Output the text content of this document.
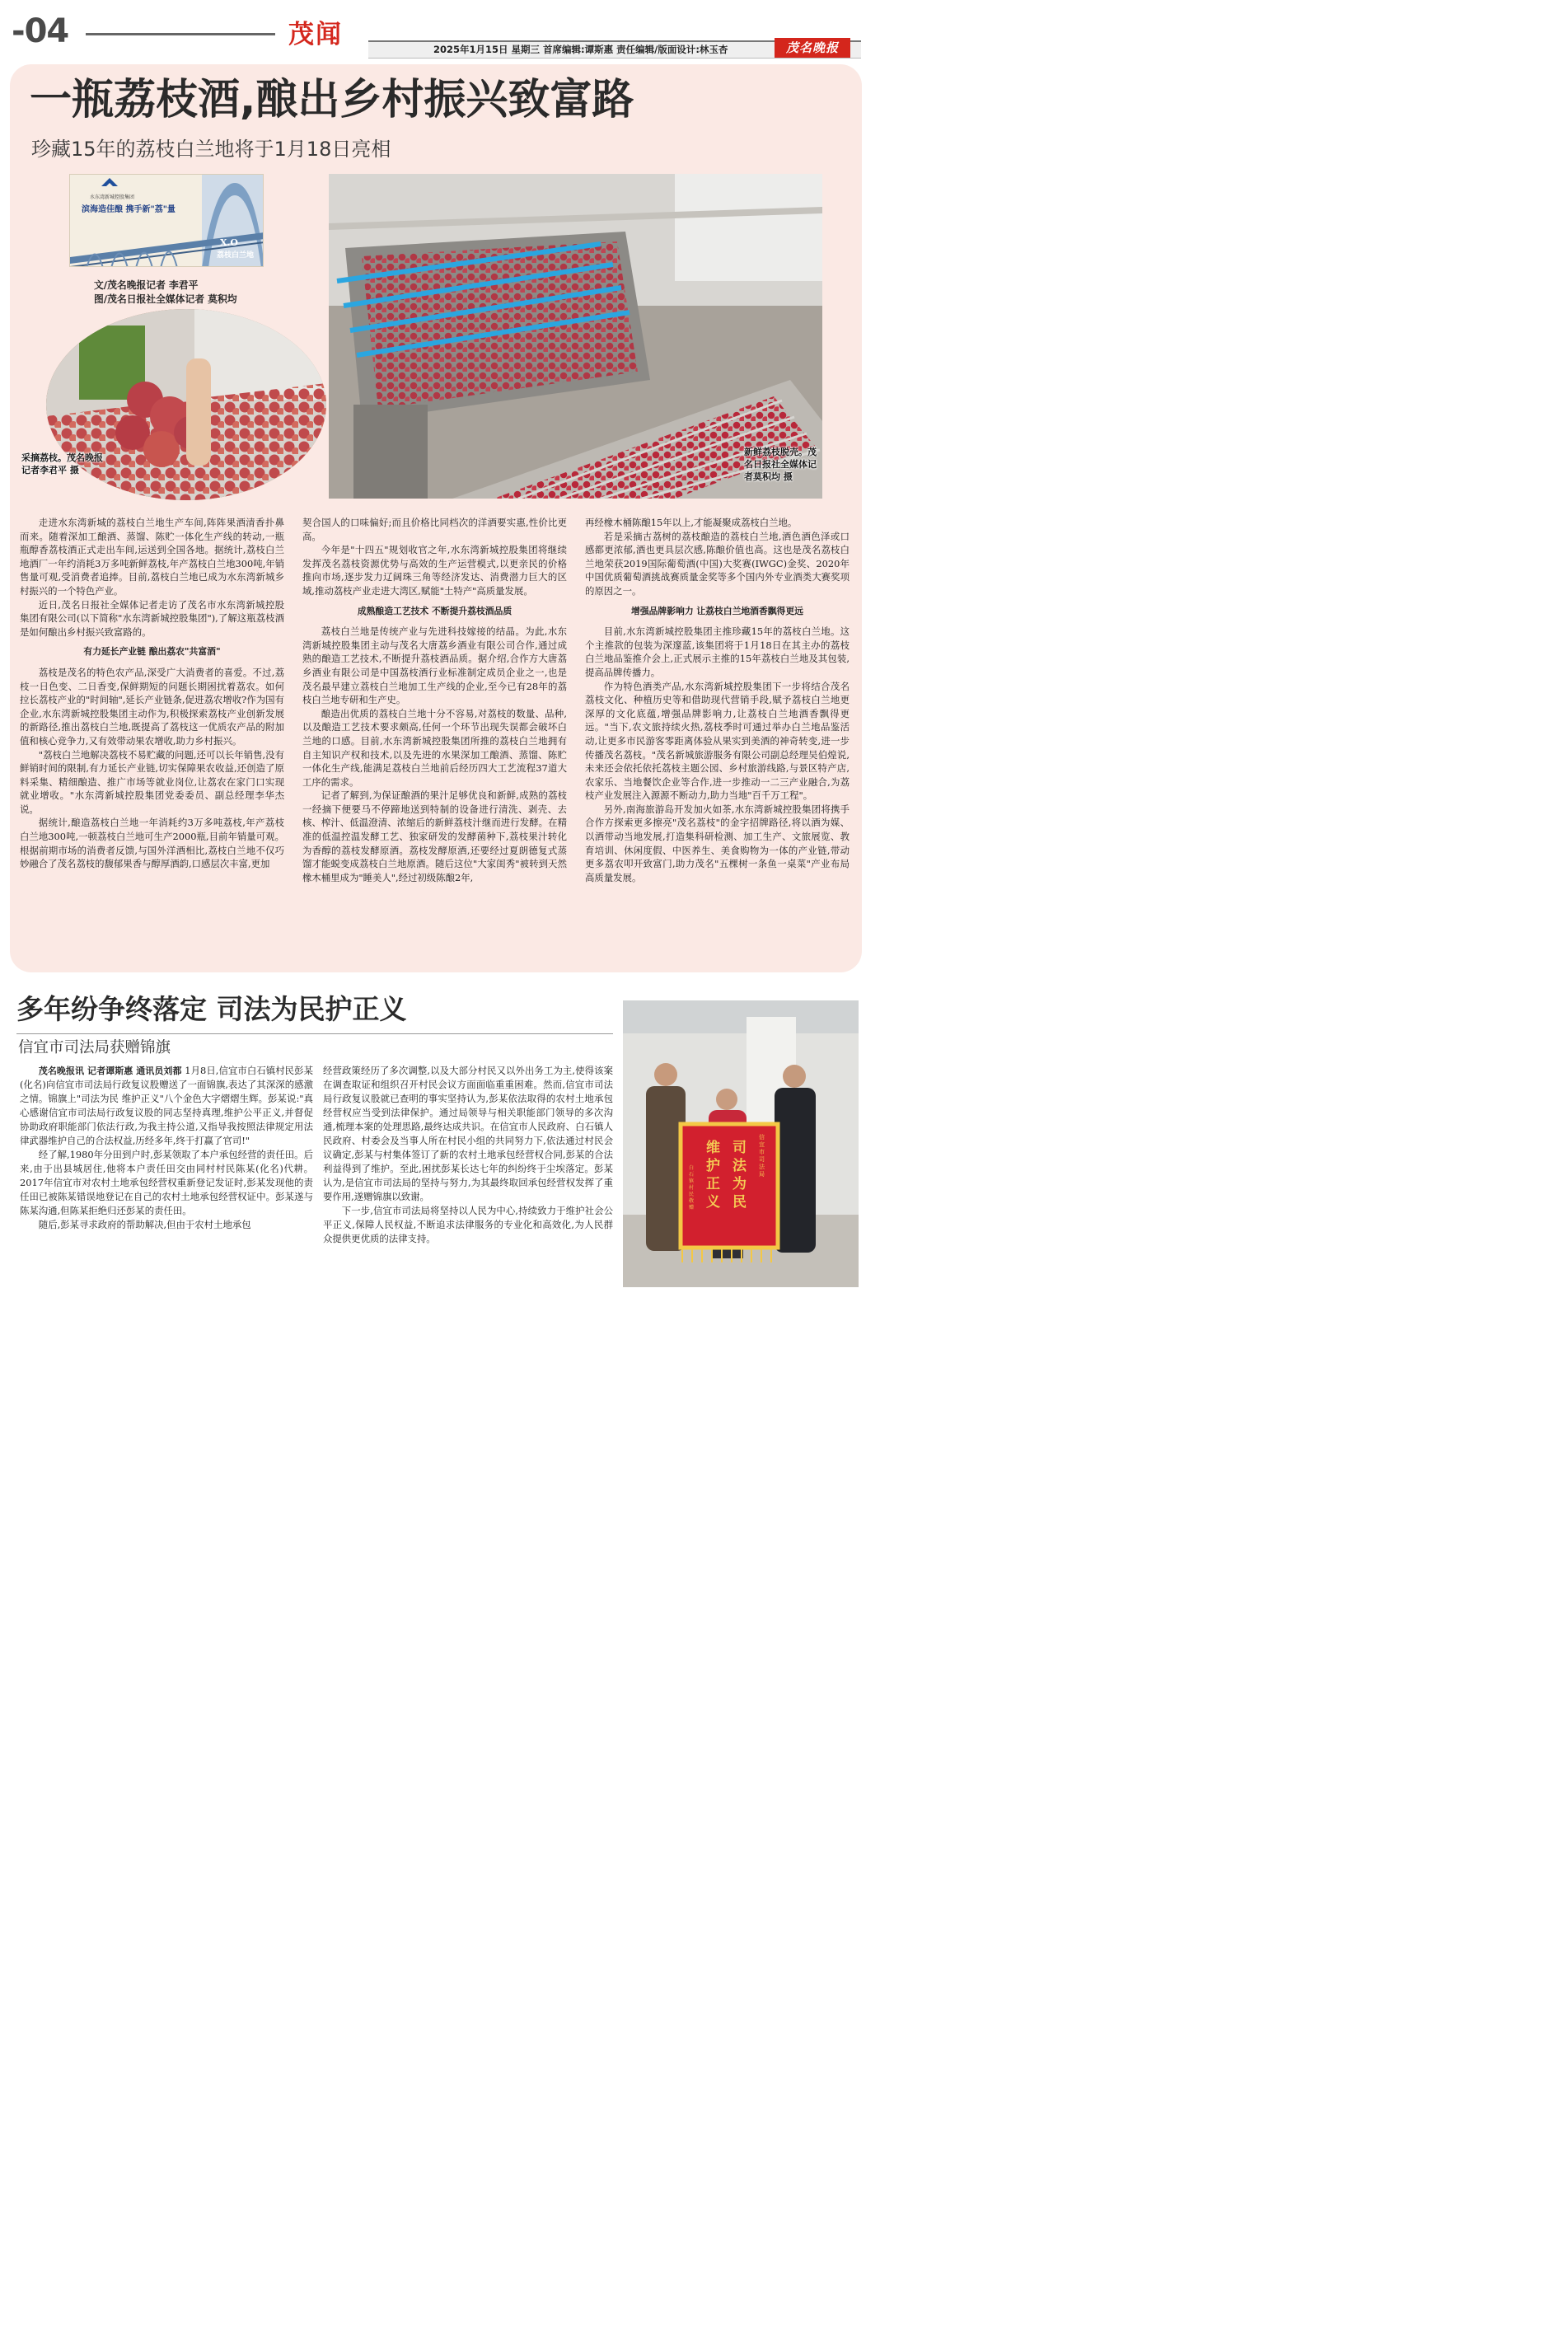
-04	茂 闻	2025年1月15日 星期三 首席编辑:谭斯惠 责任编辑/版面设计:林玉杏	茂名晚报
一瓶荔枝酒,酿出乡村振兴致富路
珍藏15年的荔枝白兰地将于1月18日亮相
水东湾新城控股集团
滨海造佳酿 携手新"荔"量
X.O
荔枝白兰地
文/茂名晚报记者 李君平
图/茂名日报社全媒体记者 莫积均
新鲜荔枝脱壳。茂名日报社全媒体记者莫积均 摄
采摘荔枝。茂名晚报记者李君平 摄

走进水东湾新城的荔枝白兰地生产车间,阵阵果酒清香扑鼻而来。随着深加工酿酒、蒸馏、陈贮一体化生产线的转动,一瓶瓶醇香荔枝酒正式走出车间,运送到全国各地。据统计,荔枝白兰地酒厂一年约消耗3万多吨新鲜荔枝,年产荔枝白兰地300吨,年销售量可观,受消费者追捧。目前,荔枝白兰地已成为水东湾新城乡村振兴的一个特色产业。

近日,茂名日报社全媒体记者走访了茂名市水东湾新城控股集团有限公司(以下简称"水东湾新城控股集团"),了解这瓶荔枝酒是如何酿出乡村振兴致富路的。

有力延长产业链 酿出荔农"共富酒"

荔枝是茂名的特色农产品,深受广大消费者的喜爱。不过,荔枝一日色变、二日香变,保鲜期短的问题长期困扰着荔农。如何拉长荔枝产业的"时间轴",延长产业链条,促进荔农增收?作为国有企业,水东湾新城控股集团主动作为,积极探索荔枝产业创新发展的新路径,推出荔枝白兰地,既提高了荔枝这一优质农产品的附加值和核心竞争力,又有效带动果农增收,助力乡村振兴。

"荔枝白兰地解决荔枝不易贮藏的问题,还可以长年销售,没有鲜销时间的限制,有力延长产业链,切实保障果农收益,还创造了原料采集、精细酿造、推广市场等就业岗位,让荔农在家门口实现就业增收。"水东湾新城控股集团党委委员、副总经理李华杰说。

据统计,酿造荔枝白兰地一年消耗约3万多吨荔枝,年产荔枝白兰地300吨,一顿荔枝白兰地可生产2000瓶,目前年销量可观。根据前期市场的消费者反馈,与国外洋酒相比,荔枝白兰地不仅巧妙融合了茂名荔枝的馥郁果香与醇厚酒韵,口感层次丰富,更加

契合国人的口味偏好;而且价格比同档次的洋酒要实惠,性价比更高。

今年是"十四五"规划收官之年,水东湾新城控股集团将继续发挥茂名荔枝资源优势与高效的生产运营模式,以更亲民的价格推向市场,逐步发力辽阔珠三角等经济发达、消费潜力巨大的区域,推动荔枝产业走进大湾区,赋能"土特产"高质量发展。

成熟酿造工艺技术 不断提升荔枝酒品质

荔枝白兰地是传统产业与先进科技嫁接的结晶。为此,水东湾新城控股集团主动与茂名大唐荔乡酒业有限公司合作,通过成熟的酿造工艺技术,不断提升荔枝酒品质。据介绍,合作方大唐荔乡酒业有限公司是中国荔枝酒行业标准制定成员企业之一,也是茂名最早建立荔枝白兰地加工生产线的企业,至今已有28年的荔枝白兰地专研和生产史。

酿造出优质的荔枝白兰地十分不容易,对荔枝的数量、品种,以及酿造工艺技术要求颇高,任何一个环节出现失误都会破坏白兰地的口感。目前,水东湾新城控股集团所推的荔枝白兰地拥有自主知识产权和技术,以及先进的水果深加工酿酒、蒸馏、陈贮一体化生产线,能满足荔枝白兰地前后经历四大工艺流程37道大工序的需求。

记者了解到,为保证酿酒的果汁足够优良和新鲜,成熟的荔枝一经摘下便要马不停蹄地送到特制的设备进行清洗、剥壳、去核、榨汁、低温澄清、浓缩后的新鲜荔枝汁继而进行发酵。在精准的低温控温发酵工艺、独家研发的发酵菌种下,荔枝果汁转化为香醇的荔枝发酵原酒。荔枝发酵原酒,还要经过夏朗德复式蒸馏才能蜕变成荔枝白兰地原酒。随后这位"大家闺秀"被转到天然橡木桶里成为"睡美人",经过初级陈酿2年,

再经橡木桶陈酿15年以上,才能凝聚成荔枝白兰地。

若是采摘古荔树的荔枝酿造的荔枝白兰地,酒色酒色泽或口感都更浓郁,酒也更具层次感,陈酿价值也高。这也是茂名荔枝白兰地荣获2019国际葡萄酒(中国)大奖赛(IWGC)金奖、2020年中国优质葡萄酒挑战赛质量金奖等多个国内外专业酒类大赛奖项的原因之一。

增强品牌影响力 让荔枝白兰地酒香飘得更远

目前,水东湾新城控股集团主推珍藏15年的荔枝白兰地。这个主推款的包装为深邃蓝,该集团将于1月18日在其主办的荔枝白兰地品鉴推介会上,正式展示主推的15年荔枝白兰地及其包装,提高品牌传播力。

作为特色酒类产品,水东湾新城控股集团下一步将结合茂名荔枝文化、种植历史等和借助现代营销手段,赋予荔枝白兰地更深厚的文化底蕴,增强品牌影响力,让荔枝白兰地酒香飘得更远。"当下,农文旅持续火热,荔枝季时可通过举办白兰地品鉴活动,让更多市民游客零距离体验从果实到美酒的神奇转变,进一步传播茂名荔枝。"茂名新城旅游服务有限公司副总经理吴伯煌说,未来还会依托依托荔枝主题公园、乡村旅游线路,与景区特产店,农家乐、当地餐饮企业等合作,进一步推动一二三产业融合,为荔枝产业发展注入源源不断动力,助力当地"百千万工程"。

另外,南海旅游岛开发加火如茶,水东湾新城控股集团将携手合作方探索更多擦亮"茂名荔枝"的金字招牌路径,将以酒为媒、以酒带动当地发展,打造集科研检测、加工生产、文旅展览、教育培训、休闲度假、中医养生、美食购物为一体的产业链,带动更多荔农叩开致富门,助力茂名"五棵树一条鱼一桌菜"产业布局高质量发展。

多年纷争终落定 司法为民护正义
信宜市司法局获赠锦旗

茂名晚报讯 记者谭斯惠 通讯员刘都 1月8日,信宜市白石镇村民彭某(化名)向信宜市司法局行政复议股赠送了一面锦旗,表达了其深深的感激之情。锦旗上"司法为民 维护正义"八个金色大字熠熠生辉。彭某说:"真心感谢信宜市司法局行政复议股的同志坚持真理,维护公平正义,并督促协助政府职能部门依法行政,为我主持公道,又指导我按照法律规定用法律武器维护自己的合法权益,历经多年,终于打赢了官司!"

经了解,1980年分田到户时,彭某领取了本户承包经营的责任田。后来,由于出县城居住,他将本户责任田交由同村村民陈某(化名)代耕。2017年信宜市对农村土地承包经营权重新登记发证时,彭某发现他的责任田已被陈某错误地登记在自己的农村土地承包经营权证中。彭某遂与陈某沟通,但陈某拒绝归还彭某的责任田。

随后,彭某寻求政府的帮助解决,但由于农村土地承包

经营政策经历了多次调整,以及大部分村民又以外出务工为主,使得该案在调查取证和组织召开村民会议方面面临重重困难。然而,信宜市司法局行政复议股就已查明的事实坚持认为,彭某依法取得的农村土地承包经营权应当受到法律保护。通过局领导与相关职能部门领导的多次沟通,梳理本案的处理思路,最终达成共识。在信宜市人民政府、白石镇人民政府、村委会及当事人所在村民小组的共同努力下,依法通过村民会议确定,彭某与村集体签订了新的农村土地承包经营权合同,彭某的合法利益得到了维护。至此,困扰彭某长达七年的纠纷终于尘埃落定。彭某认为,是信宜市司法局的坚持与努力,为其最终取回承包经营权发挥了重要作用,遂赠锦旗以致谢。

下一步,信宜市司法局将坚持以人民为中心,持续致力于维护社会公平正义,保障人民权益,不断追求法律服务的专业化和高效化,为人民群众提供更优质的法律支持。

司法为民
维护正义
信宜市司法局
白石镇村民敬赠
